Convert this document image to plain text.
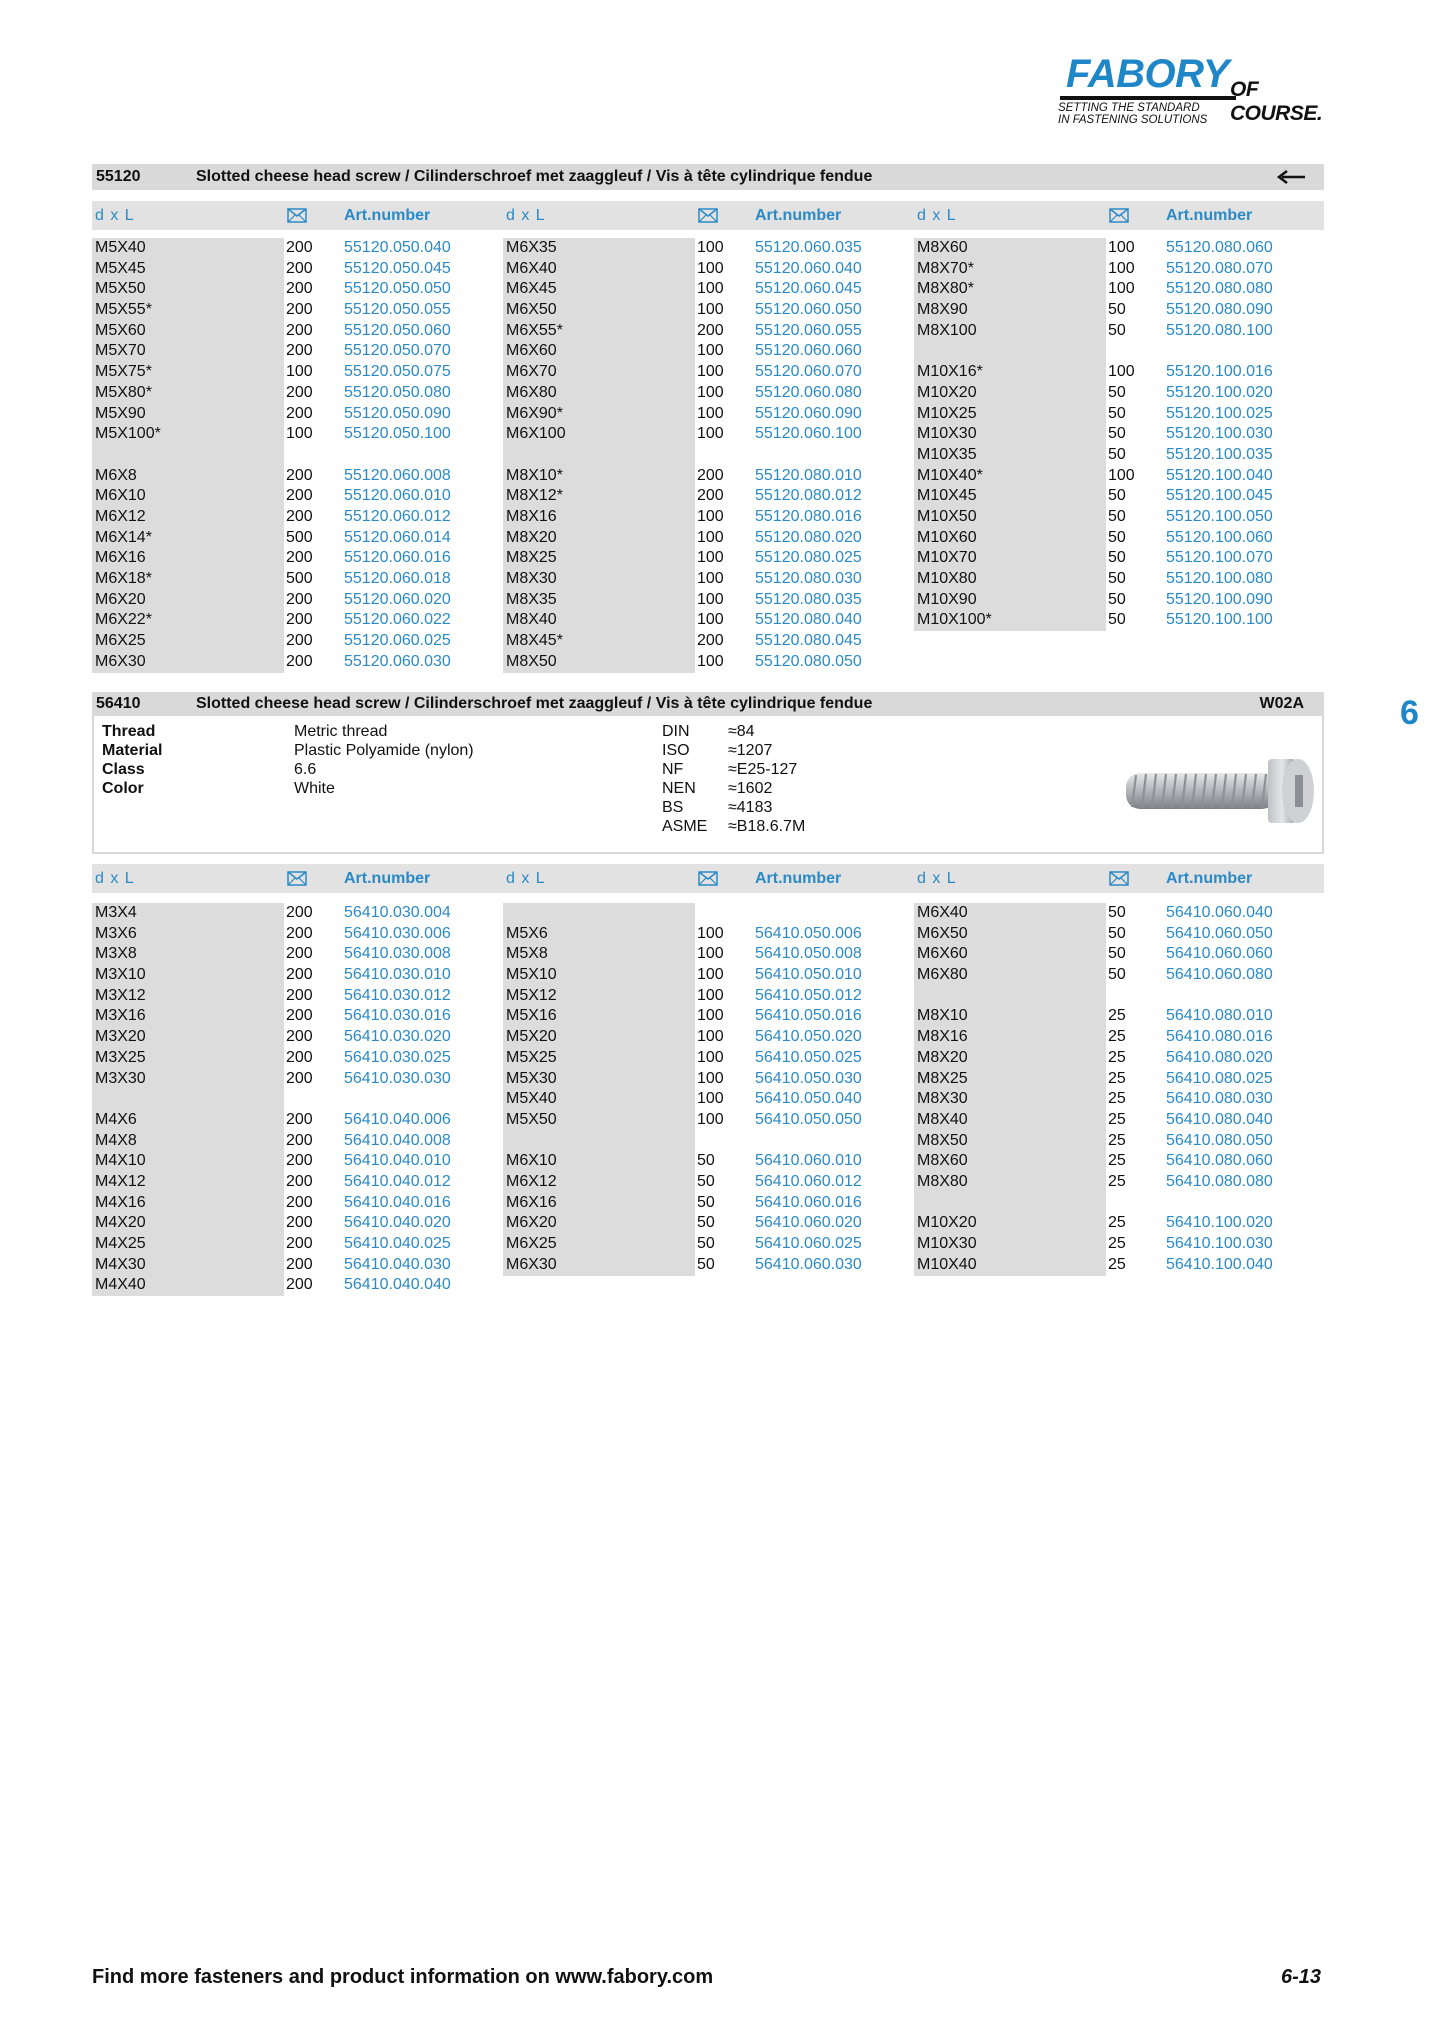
FABORY OF COURSE.
SETTING THE STANDARD
IN FASTENING SOLUTIONS
55120	Slotted cheese head screw / Cilinderschroef met zaaggleuf / Vis à tête cylindrique fendue
d x L	Art.number	d x L	Art.number	d x L	Art.number
M5X40	200 55120.050.040
M5X45	200 55120.050.045
M5X50	200 55120.050.050
M5X55*	200 55120.050.055
M5X60	200 55120.050.060
M5X70	200 55120.050.070
M5X75*	100 55120.050.075
M5X80*	200 55120.050.080
M5X90	200 55120.050.090
M5X100*	100 55120.050.100
M6X8	200 55120.060.008
M6X10	200 55120.060.010
M6X12	200 55120.060.012
M6X14*	500 55120.060.014
M6X16	200 55120.060.016
M6X18*	500 55120.060.018
M6X20	200 55120.060.020
M6X22*	200 55120.060.022
M6X25	200 55120.060.025
M6X30	200 55120.060.030
M6X35	100 55120.060.035
M6X40	100 55120.060.040
M6X45	100 55120.060.045
M6X50	100 55120.060.050
M6X55*	200 55120.060.055
M6X60	100 55120.060.060
M6X70	100 55120.060.070
M6X80	100 55120.060.080
M6X90*	100 55120.060.090
M6X100	100 55120.060.100
M8X10*	200 55120.080.010
M8X12*	200 55120.080.012
M8X16	100 55120.080.016
M8X20	100 55120.080.020
M8X25	100 55120.080.025
M8X30	100 55120.080.030
M8X35	100 55120.080.035
M8X40	100 55120.080.040
M8X45*	200 55120.080.045
M8X50	100 55120.080.050
M8X60	100 55120.080.060
M8X70*	100 55120.080.070
M8X80*	100 55120.080.080
M8X90	50	55120.080.090
M8X100	50	55120.080.100
M10X16*	100 55120.100.016
M10X20	50	55120.100.020
M10X25	50	55120.100.025
M10X30	50	55120.100.030
M10X35	50	55120.100.035
M10X40*	100 55120.100.040
M10X45	50	55120.100.045
M10X50	50	55120.100.050
M10X60	50	55120.100.060
M10X70	50	55120.100.070
M10X80	50	55120.100.080
M10X90	50	55120.100.090
M10X100*	50	55120.100.100
56410	Slotted cheese head screw / Cilinderschroef met zaaggleuf / Vis à tête cylindrique fendue	W02A
Thread	Metric thread
Material	Plastic Polyamide (nylon)
Class	6.6
Color	White
DIN ≈84
ISO ≈1207
NF	≈E25-127
NEN ≈1602
BS	≈4183
ASME ≈B18.6.7M
d x L	Art.number	d x L	Art.number	d x L	Art.number
M3X4	200 56410.030.004
M3X6	200 56410.030.006
M3X8	200 56410.030.008
M3X10	200 56410.030.010
M3X12	200 56410.030.012
M3X16	200 56410.030.016
M3X20	200 56410.030.020
M3X25	200 56410.030.025
M3X30	200 56410.030.030
M4X6	200 56410.040.006
M4X8	200 56410.040.008
M4X10	200 56410.040.010
M4X12	200 56410.040.012
M4X16	200 56410.040.016
M4X20	200 56410.040.020
M4X25	200 56410.040.025
M4X30	200 56410.040.030
M4X40	200 56410.040.040
M5X6	100 56410.050.006
M5X8	100 56410.050.008
M5X10	100 56410.050.010
M5X12	100 56410.050.012
M5X16	100 56410.050.016
M5X20	100 56410.050.020
M5X25	100 56410.050.025
M5X30	100 56410.050.030
M5X40	100 56410.050.040
M5X50	100 56410.050.050
M6X10	50	56410.060.010
M6X12	50	56410.060.012
M6X16	50	56410.060.016
M6X20	50	56410.060.020
M6X25	50	56410.060.025
M6X30	50	56410.060.030
M6X40	50	56410.060.040
M6X50	50	56410.060.050
M6X60	50	56410.060.060
M6X80	50	56410.060.080
M8X10	25	56410.080.010
M8X16	25	56410.080.016
M8X20	25	56410.080.020
M8X25	25	56410.080.025
M8X30	25	56410.080.030
M8X40	25	56410.080.040
M8X50	25	56410.080.050
M8X60	25	56410.080.060
M8X80	25	56410.080.080
M10X20	25	56410.100.020
M10X30	25	56410.100.030
M10X40	25	56410.100.040
6
Find more fasteners and product information on www.fabory.com	6-13
